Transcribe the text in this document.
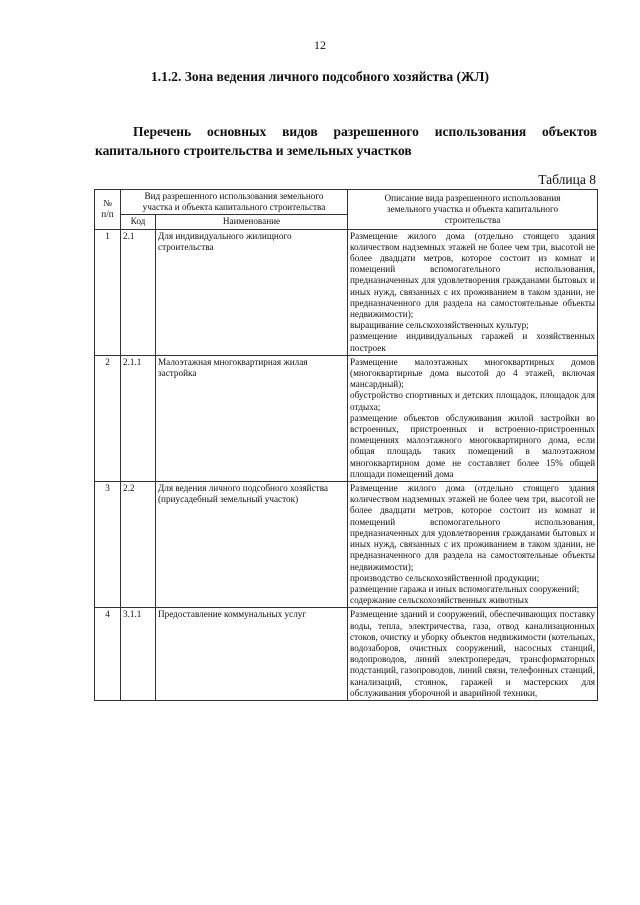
12
1.1.2. Зона ведения личного подсобного хозяйства (ЖЛ)
Перечень основных видов разрешенного использования объектов капитального строительства и земельных участков
Таблица 8
№
п/п	Вид разрешенного использования земельного
участка и объекта капитального строительства		Описание вида разрешенного использования
земельного участка и объекта капитального
строительства

	Код	Наименование	
1	2.1	Для индивидуального жилищного строительства	Размещение жилого дома (отдельно стоящего здания количеством надземных этажей не более чем три, высотой не более двадцати метров, которое состоит из комнат и помещений вспомогательного использования, предназначенных для удовлетворения гражданами бытовых и иных нужд, связанных с их проживанием в таком здании, не предназначенного для раздела на самостоятельные объекты недвижимости);

выращивание сельскохозяйственных культур;

размещение индивидуальных гаражей и хозяйственных построек

2	2.1.1	Малоэтажная многоквартирная жилая застройка	Размещение малоэтажных многоквартирных домов (многоквартирные дома высотой до 4 этажей, включая мансардный);

обустройство спортивных и детских площадок, площадок для отдыха;

размещение объектов обслуживания жилой застройки во встроенных, пристроенных и встроенно-пристроенных помещениях малоэтажного многоквартирного дома, если общая площадь таких помещений в малоэтажном многоквартирном доме не составляет более 15% общей площади помещений дома

3	2.2	Для ведения личного подсобного хозяйства (приусадебный земельный участок)	Размещение жилого дома (отдельно стоящего здания количеством надземных этажей не более чем три, высотой не более двадцати метров, которое состоит из комнат и помещений вспомогательного использования, предназначенных для удовлетворения гражданами бытовых и иных нужд, связанных с их проживанием в таком здании, не предназначенного для раздела на самостоятельные объекты недвижимости);

производство сельскохозяйственной продукции;

размещение гаража и иных вспомогательных сооружений;

содержание сельскохозяйственных животных

4	3.1.1	Предоставление коммунальных услуг	Размещение зданий и сооружений, обеспечивающих поставку воды, тепла, электричества, газа, отвод канализационных стоков, очистку и уборку объектов недвижимости (котельных, водозаборов, очистных сооружений, насосных станций, водопроводов, линий электропередач, трансформаторных подстанций, газопроводов, линий связи, телефонных станций, канализаций, стоянок, гаражей и мастерских для обслуживания уборочной и аварийной техники,
